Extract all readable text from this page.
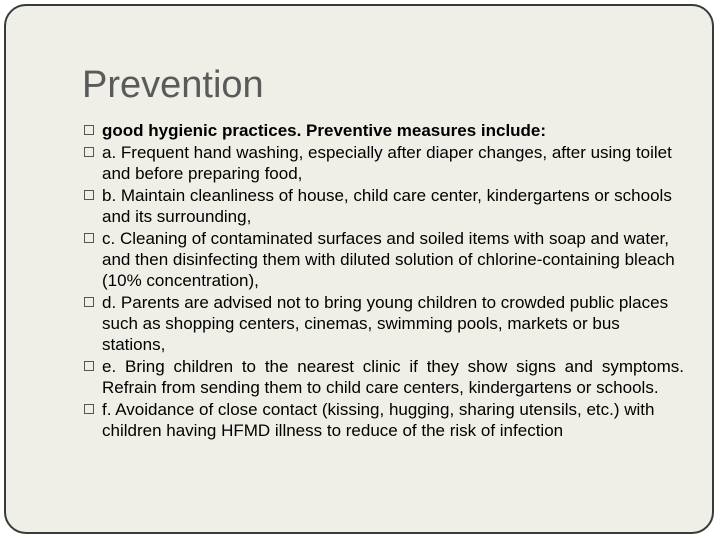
Prevention
good hygienic practices. Preventive measures include:
a. Frequent hand washing, especially after diaper changes, after using toilet and before preparing food,
b. Maintain cleanliness of house, child care center, kindergartens or schools and its surrounding,
c. Cleaning of contaminated surfaces and soiled items with soap and water, and then disinfecting them with diluted solution of chlorine-containing bleach (10% concentration),
d. Parents are advised not to bring young children to crowded public places such as shopping centers, cinemas, swimming pools, markets or bus stations,
e. Bring children to the nearest clinic if they show signs and symptoms. Refrain from sending them to child care centers, kindergartens or schools.
f. Avoidance of close contact (kissing, hugging, sharing utensils, etc.) with children having HFMD illness to reduce of the risk of infection
